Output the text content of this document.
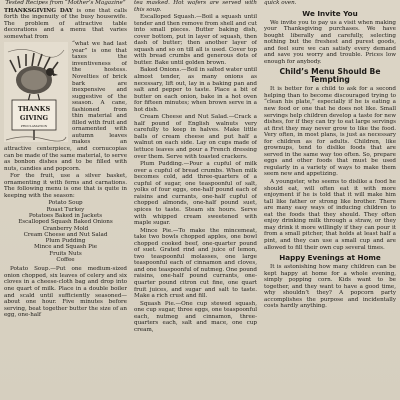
Tested Recipes from “Mother’s Magazine”

THANKSGIVING DAY is one that calls forth the ingenuity of the busy housewife. The problem of attractive table decorations and a menu that varies somewhat from

THANKS
GIVING
PROCLAMATION

“what we had last year” is one that taxes the inventiveness of the hostess. Novelties of brick bark are inexpensive and suggestive of the season. A cane, fashioned from thin material and filled with fruit and ornamented with autumn leaves makes an attractive centerpiece, and cornucopias can be made of the same material, to serve as bonbon dishes and to be filled with nuts, candies and popcorn.

For the fruit, use a silver basket, ornamenting it with ferns and carnations. The following menu is one that is quite in keeping with the season:

Potato Soup
Roast Turkey
Potatoes Baked in Jackets
Escalloped Squash Baked Onions
Cranberry Mold
Cream Cheese and Nut Salad
Plum Pudding
Mince and Squash Pie
Fruits Nuts
Coffee

Potato Soup.—Put one medium-sized onion chopped, six leaves of celery and six cloves in a cheese-cloth bag and drop into one quart of milk. Place in a double boiler and scald until sufficiently seasoned—about one hour. Five minutes before serving, beat together butter the size of an egg, one-half

tea masked. Hot wafers are served with this soup.

Escalloped Squash.—Boil a squash until tender and then remove from shell and cut into small pieces. Butter baking dish, cover bottom, put in layer of squash, then dash of butter; then another layer of squash and so on till all is used. Cover top with bread crumbs and generous dots of butter. Bake until golden brown.

Baked Onions.—Boil in salted water until almost tender, as many onions as necessary, lift out, lay in a baking pan and salt and pepper to taste. Place a bit of butter on each onion, bake in a hot oven for fifteen minutes; when brown serve in a hot dish.

Cream Cheese and Nut Salad.—Crack a half pound of English walnuts very carefully to keep in halves. Make little balls of cream cheese and put half a walnut on each side. Lay on cups made of lettuce leaves and pour a French dressing over them. Serve with toasted crackers.

Plum Pudding.—Pour a cupful of milk over a cupful of bread crumbs. When milk becomes cold, add three-quarters of a cupful of sugar, one teaspoonful of salt, yolks of four eggs, one-half pound each of raisins and currants, one-half cupful of chopped almonds, one-half pound suet, spices to taste. Steam six hours. Serve with whipped cream sweetened with maple sugar.

Mince Pie.—To make the mincemeat, take two bowls chopped apples, one bowl chopped cooked beef, one-quarter pound of suet. Grated rind and juice of lemon, two teaspoonful molasses, one large teaspoonful each of cinnamon and cloves, and one teaspoonful of nutmeg. One pound raisins, one-half pound currants, one-quarter pound citron cut fine, one quart fruit juices, and sugar and salt to taste. Make a rich crust and fill.

Squash Pie.—One cup stewed squash, one cup sugar, three eggs, one teaspoonful each, nutmeg and cinnamon, three-quarters each, salt and mace, one cup cream,

quick oven.

We Invite You

We invite you to pay us a visit when making your Thanksgiving purchases. We have bought liberally and carefully, selecting nothing but the freshest and purest goods, and feel sure we can satisfy every demand and save you worry and trouble. Prices low enough for anybody.

Child’s Menu Should Be Tempting

It is better for a child to ask for a second helping than to become discouraged trying to “clean his plate,” especially if he is eating a new food or one that he does not like. Small servings help children develop a taste for new dishes, for if they can try to eat large servings at first they may never grow to like the food. Very often, in most plans, is just as necessary for children as for adults. Children, like grownups, tend to dislike foods that are served in the same way too often. So, prepare eggs and other foods that must be used regularly in a variety of ways to make them seem new and appetizing.

A youngster, who seems to dislike a food he should eat, will often eat it with more enjoyment if he is told that it will make him tall like father or strong like brother. There are many easy ways of inducing children to eat the foods that they should. They often enjoy drinking milk through a straw, or they may drink it more willingly if they can pour it from a small pitcher, that holds at least half a pint, and they can use a small cup and are allowed to fill their own cup several times.

Happy Evenings at Home

It is astonishing how many children can be kept happy at home for a whole evening, simply popping corn. Kids want to be together, and they want to have a good time, why shouldn’t they? A popcorn party accomplishes the purpose and incidentally costs hardly anything.
